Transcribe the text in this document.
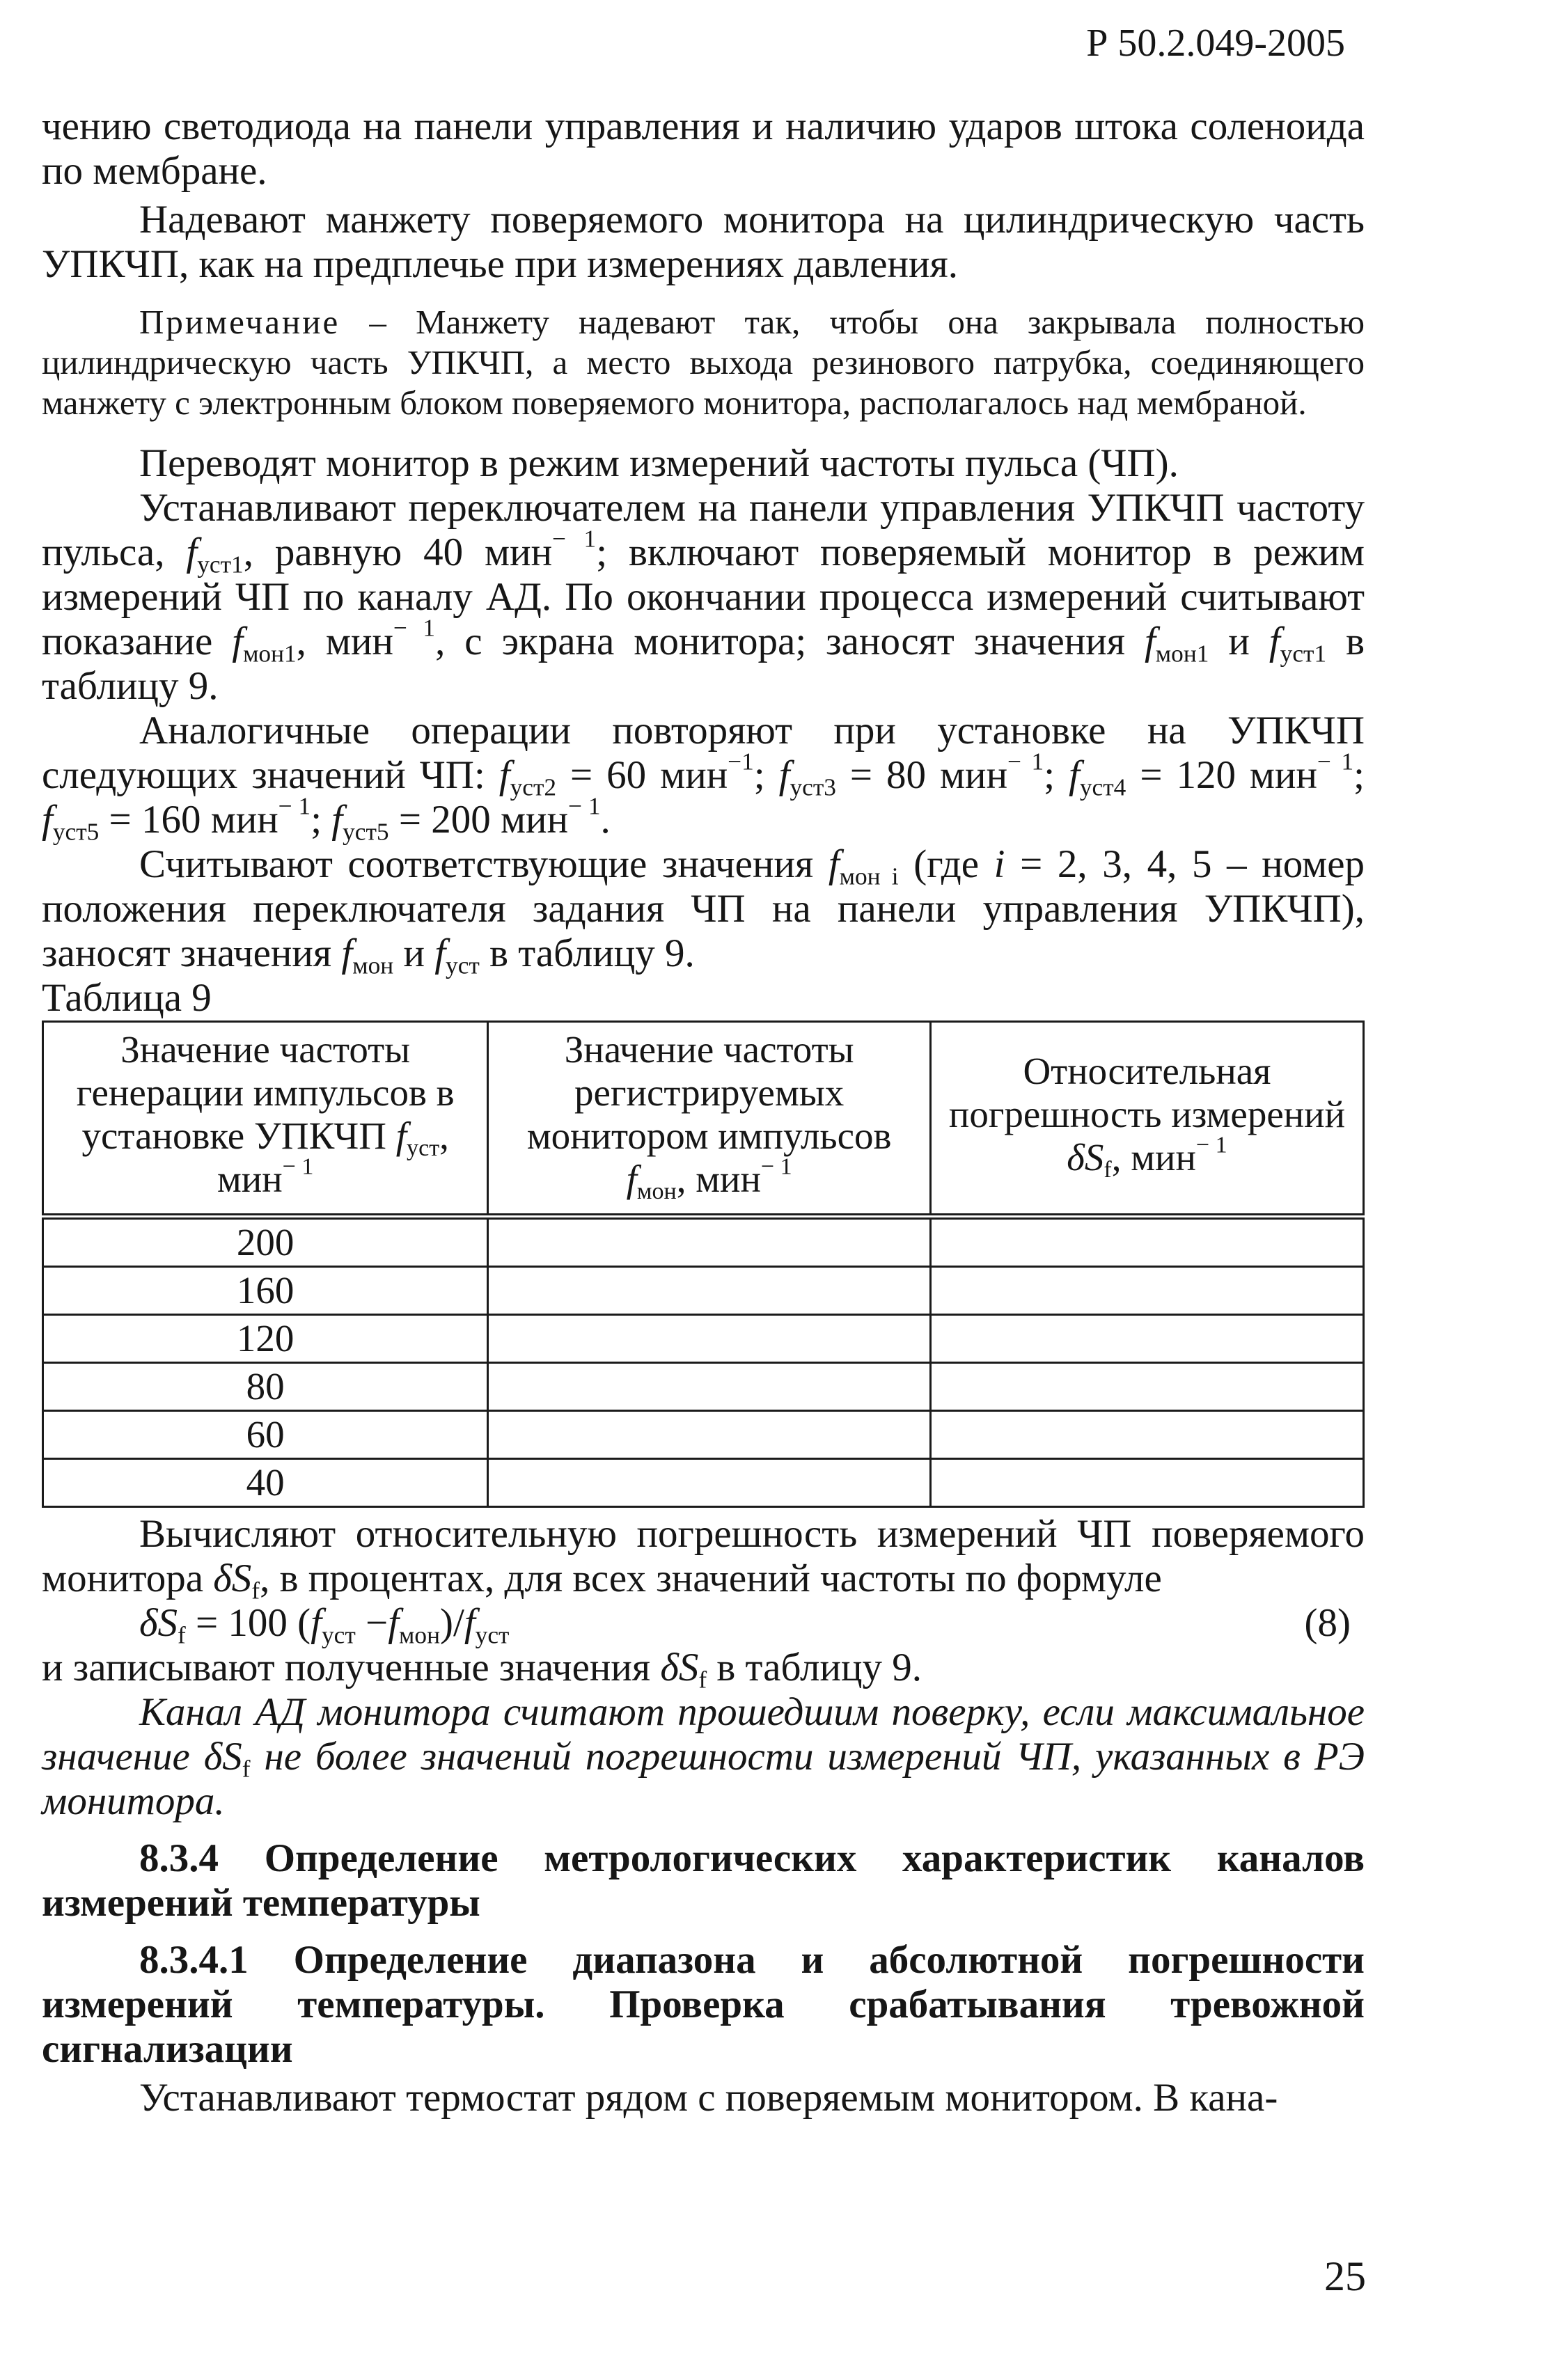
Р 50.2.049-2005

чению светодиода на панели управления и наличию ударов штока соленоида по мембране.

Надевают манжету поверяемого монитора на цилиндрическую часть УПКЧП, как на предплечье при измерениях давления.

Примечание – Манжету надевают так, чтобы она закрывала полностью цилиндрическую часть УПКЧП, а место выхода резинового патрубка, соединяющего манжету с электронным блоком поверяемого монитора, располагалось над мембраной.

Переводят монитор в режим измерений частоты пульса (ЧП).

Устанавливают переключателем на панели управления УПКЧП частоту пульса, $f_{уст1}$, равную 40 мин$^{- 1}$; включают поверяемый монитор в режим измерений ЧП по каналу АД. По окончании процесса измерений считывают показание $f_{мон1}$, мин$^{- 1}$, с экрана монитора; заносят значения $f_{мон1}$ и $f_{уст1}$ в таблицу 9.

Аналогичные операции повторяют при установке на УПКЧП следующих значений ЧП: $f_{уст2} = 60$ мин$^{-1}$; $f_{уст3} = 80$ мин$^{- 1}$; $f_{уст4} = 120$ мин$^{- 1}$; $f_{уст5} = 160$ мин$^{- 1}$; $f_{уст5} = 200$ мин$^{- 1}$.

Считывают соответствующие значения $f_{мон i}$ (где i = 2, 3, 4, 5 – номер положения переключателя задания ЧП на панели управления УПКЧП), заносят значения $f_{мон}$ и $f_{уст}$ в таблицу 9.

Таблица 9

Значение частоты генерации импульсов в установке УПКЧП $f_{уст}$, мин$^{- 1}$	Значение частоты регистрируемых монитором импульсов $f_{мон}$, мин$^{- 1}$	Относительная погрешность измерений
$\delta S_f$, мин$^{- 1}$
200		
160		
120		
80		
60		
40		

Вычисляют относительную погрешность измерений ЧП поверяемого монитора $\delta S_f$, в процентах, для всех значений частоты по формуле

$\delta S_f = 100$ $(f_{уст} -f_{мон})/f_{уст}$	(8)

и записывают полученные значения $\delta S_f$ в таблицу 9.

Канал АД монитора считают прошедшим поверку, если максимальное значение $\delta S_f$ не более значений погрешности измерений ЧП, указанных в РЭ монитора.

8.3.4 Определение метрологических характеристик каналов измерений температуры

8.3.4.1 Определение диапазона и абсолютной погрешности измерений температуры. Проверка срабатывания тревожной сигнализации

Устанавливают термостат рядом с поверяемым монитором. В кана-

25
